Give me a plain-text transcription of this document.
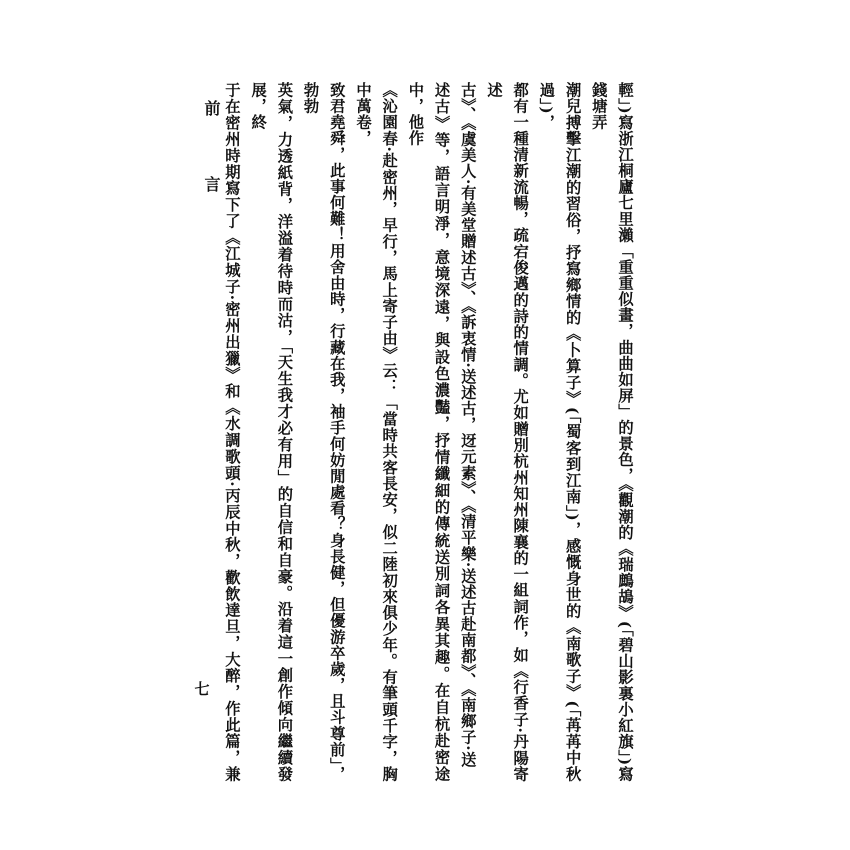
前　言
七	輕」)寫浙江桐廬七里瀨「重重似畫，曲曲如屏」的景色，《觀潮的《瑞鷓鴣》(「碧山影裏小紅旗」)寫錢塘弄

潮兒搏擊江潮的習俗，抒寫鄉情的《卜算子》(「蜀客到江南」)，感慨身世的《南歌子》(「苒苒中秋過」)，

都有一種清新流暢，疏宕俊邁的詩的情調。尤如贈別杭州知州陳襄的一組詞作，如《行香子·丹陽寄述

古》、《虞美人·有美堂贈述古》、《訴衷情·送述古，迓元素》、《清平樂·送述古赴南都》、《南鄉子·送

述古》等，語言明淨，意境深遠，與設色濃豔，抒情纖細的傳統送別詞各異其趣。在自杭赴密途中，他作

《沁園春·赴密州，早行，馬上寄子由》云：「當時共客長安，似二陸初來俱少年。有筆頭千字，胸中萬卷，

致君堯舜，此事何難！用舍由時，行藏在我，袖手何妨閒處看？身長健，但優游卒歲，且斗尊前」，勃勃

英氣，力透紙背，洋溢着待時而沽，「天生我才必有用」的自信和自豪。沿着這一創作傾向繼續發展，終

于在密州時期寫下了《江城子·密州出獵》和《水調歌頭·丙辰中秋，歡飲達旦，大醉，作此篇，兼
